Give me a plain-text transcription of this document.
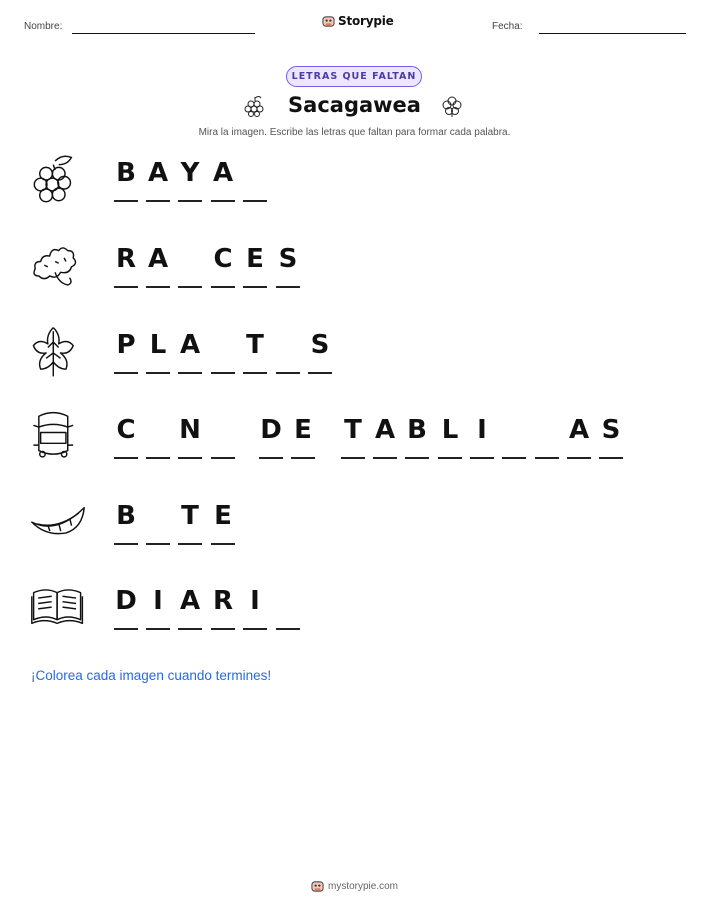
Nombre:	Storypie	Fecha:
LETRAS QUE FALTAN
Sacagawea
Mira la imagen. Escribe las letras que faltan para formar cada palabra.
B A Y A
R A C E S
P L A T S
C N D E T A B L I	A S
B T E
D I A R I
¡Colorea cada imagen cuando termines!
mystorypie.com
